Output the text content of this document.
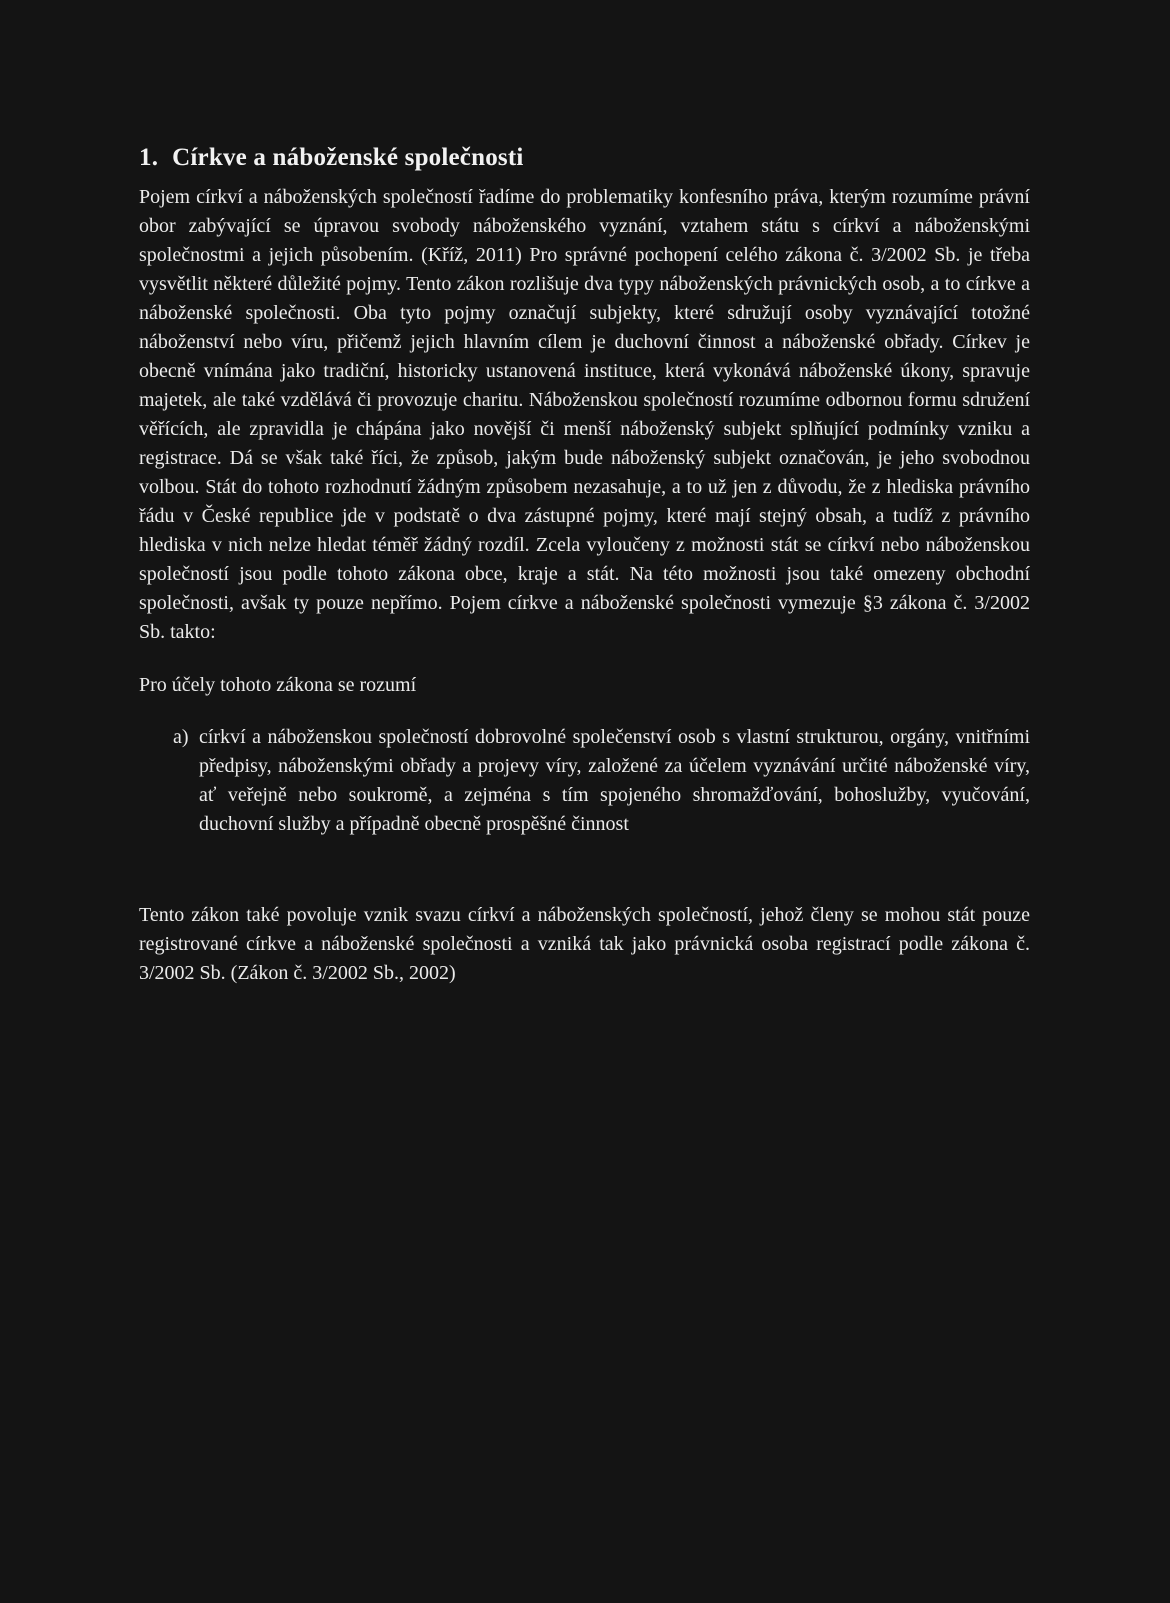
1. Církve a náboženské společnosti

Pojem církví a náboženských společností řadíme do problematiky konfesního práva, kterým rozumíme právní obor zabývající se úpravou svobody náboženského vyznání, vztahem státu s církví a náboženskými společnostmi a jejich působením. (Kříž, 2011) Pro správné pochopení celého zákona č. 3/2002 Sb. je třeba vysvětlit některé důležité pojmy. Tento zákon rozlišuje dva typy náboženských právnických osob, a to církve a náboženské společnosti. Oba tyto pojmy označují subjekty, které sdružují osoby vyznávající totožné náboženství nebo víru, přičemž jejich hlavním cílem je duchovní činnost a náboženské obřady. Církev je obecně vnímána jako tradiční, historicky ustanovená instituce, která vykonává náboženské úkony, spravuje majetek, ale také vzdělává či provozuje charitu. Náboženskou společností rozumíme odbornou formu sdružení věřících, ale zpravidla je chápána jako novější či menší náboženský subjekt splňující podmínky vzniku a registrace. Dá se však také říci, že způsob, jakým bude náboženský subjekt označován, je jeho svobodnou volbou. Stát do tohoto rozhodnutí žádným způsobem nezasahuje, a to už jen z důvodu, že z hlediska právního řádu v České republice jde v podstatě o dva zástupné pojmy, které mají stejný obsah, a tudíž z právního hlediska v nich nelze hledat téměř žádný rozdíl. Zcela vyloučeny z možnosti stát se církví nebo náboženskou společností jsou podle tohoto zákona obce, kraje a stát. Na této možnosti jsou také omezeny obchodní společnosti, avšak ty pouze nepřímo. Pojem církve a náboženské společnosti vymezuje §3 zákona č. 3/2002 Sb. takto:

Pro účely tohoto zákona se rozumí

a) církví a náboženskou společností dobrovolné společenství osob s vlastní strukturou, orgány, vnitřními předpisy, náboženskými obřady a projevy víry, založené za účelem vyznávání určité náboženské víry, ať veřejně nebo soukromě, a zejména s tím spojeného shromažďování, bohoslužby, vyučování, duchovní služby a případně obecně prospěšné činnost

Tento zákon také povoluje vznik svazu církví a náboženských společností, jehož členy se mohou stát pouze registrované církve a náboženské společnosti a vzniká tak jako právnická osoba registrací podle zákona č. 3/2002 Sb. (Zákon č. 3/2002 Sb., 2002)
